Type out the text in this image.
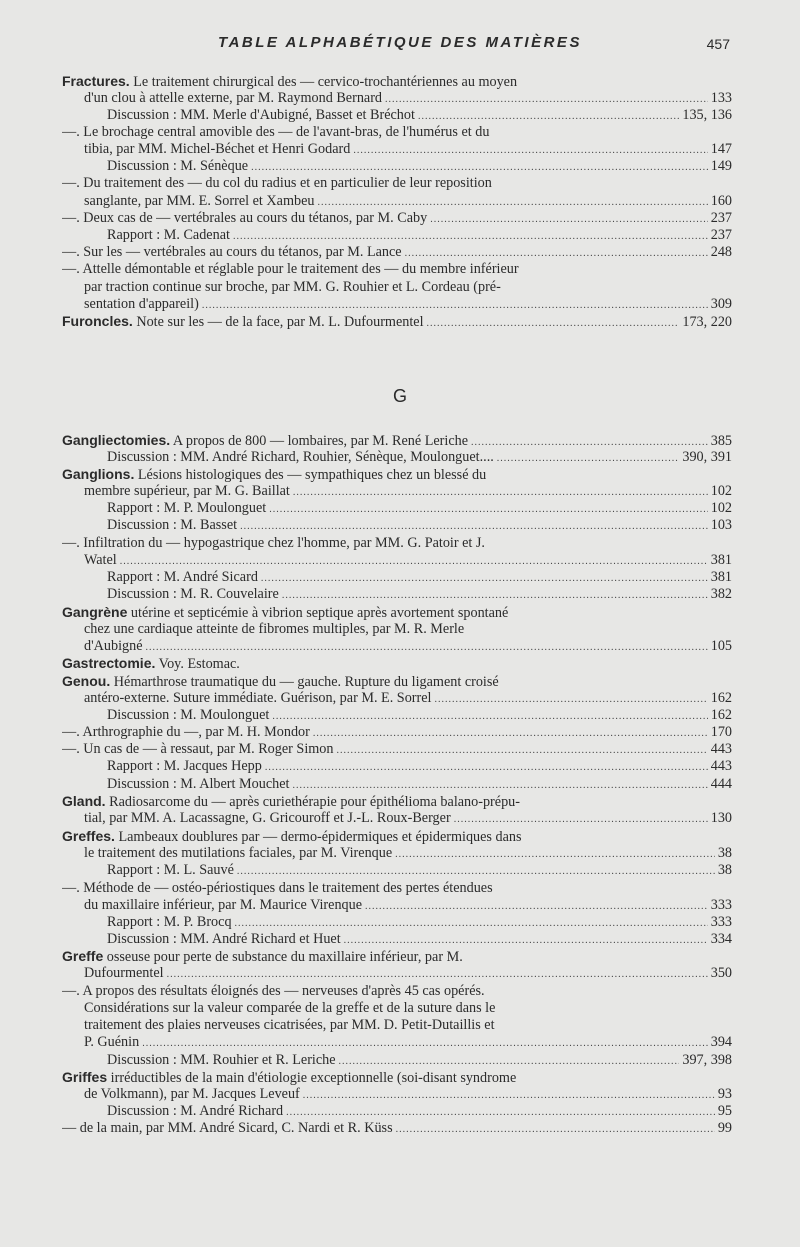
TABLE ALPHABÉTIQUE DES MATIÈRES	457
G
Fractures. Le traitement chirurgical des — cervico-trochantériennes au moyen
d'un clou à attelle externe, par M. Raymond Bernard .....	133
Discussion : MM. Merle d'Aubigné, Basset et Bréchot .....	135, 136
—. Le brochage central amovible des — de l'avant-bras, de l'humérus et du
tibia, par MM. Michel-Béchet et Henri Godard .....	147
Discussion : M. Sénèque .....	149
—. Du traitement des — du col du radius et en particulier de leur reposition
sanglante, par MM. E. Sorrel et Xambeu .....	160
—. Deux cas de — vertébrales au cours du tétanos, par M. Caby .....	237
Rapport : M. Cadenat .....	237
—. Sur les — vertébrales au cours du tétanos, par M. Lance .....	248
—. Attelle démontable et réglable pour le traitement des — du membre inférieur
par traction continue sur broche, par MM. G. Rouhier et L. Cordeau (pré-
sentation d'appareil) .....	309
Furoncles. Note sur les — de la face, par M. L. Dufourmentel .....	173, 220
Gangliectomies. A propos de 800 — lombaires, par M. René Leriche .....	385
Discussion : MM. André Richard, Rouhier, Sénèque, Moulonguet.... .....	390, 391
Ganglions. Lésions histologiques des — sympathiques chez un blessé du
membre supérieur, par M. G. Baillat .....	102
Rapport : M. P. Moulonguet .....	102
Discussion : M. Basset .....	103
—. Infiltration du — hypogastrique chez l'homme, par MM. G. Patoir et J.
Watel .....	381
Rapport : M. André Sicard .....	381
Discussion : M. R. Couvelaire .....	382
Gangrène utérine et septicémie à vibrion septique après avortement spontané
chez une cardiaque atteinte de fibromes multiples, par M. R. Merle
d'Aubigné .....	105
Gastrectomie. Voy. Estomac.
Genou. Hémarthrose traumatique du — gauche. Rupture du ligament croisé
antéro-externe. Suture immédiate. Guérison, par M. E. Sorrel .....	162
Discussion : M. Moulonguet .....	162
—. Arthrographie du —, par M. H. Mondor .....	170
—. Un cas de — à ressaut, par M. Roger Simon .....	443
Rapport : M. Jacques Hepp .....	443
Discussion : M. Albert Mouchet .....	444
Gland. Radiosarcome du — après curiethérapie pour épithélioma balano-prépu-
tial, par MM. A. Lacassagne, G. Gricouroff et J.-L. Roux-Berger .....	130
Greffes. Lambeaux doublures par — dermo-épidermiques et épidermiques dans
le traitement des mutilations faciales, par M. Virenque .....	38
Rapport : M. L. Sauvé .....	38
—. Méthode de — ostéo-périostiques dans le traitement des pertes étendues
du maxillaire inférieur, par M. Maurice Virenque .....	333
Rapport : M. P. Brocq .....	333
Discussion : MM. André Richard et Huet .....	334
Greffe osseuse pour perte de substance du maxillaire inférieur, par M.
Dufourmentel .....	350
—. A propos des résultats éloignés des — nerveuses d'après 45 cas opérés.
Considérations sur la valeur comparée de la greffe et de la suture dans le
traitement des plaies nerveuses cicatrisées, par MM. D. Petit-Dutaillis et
P. Guénin .....	394
Discussion : MM. Rouhier et R. Leriche .....	397, 398
Griffes irréductibles de la main d'étiologie exceptionnelle (soi-disant syndrome
de Volkmann), par M. Jacques Leveuf .....	93
Discussion : M. André Richard .....	95
— de la main, par MM. André Sicard, C. Nardi et R. Küss .....	99
